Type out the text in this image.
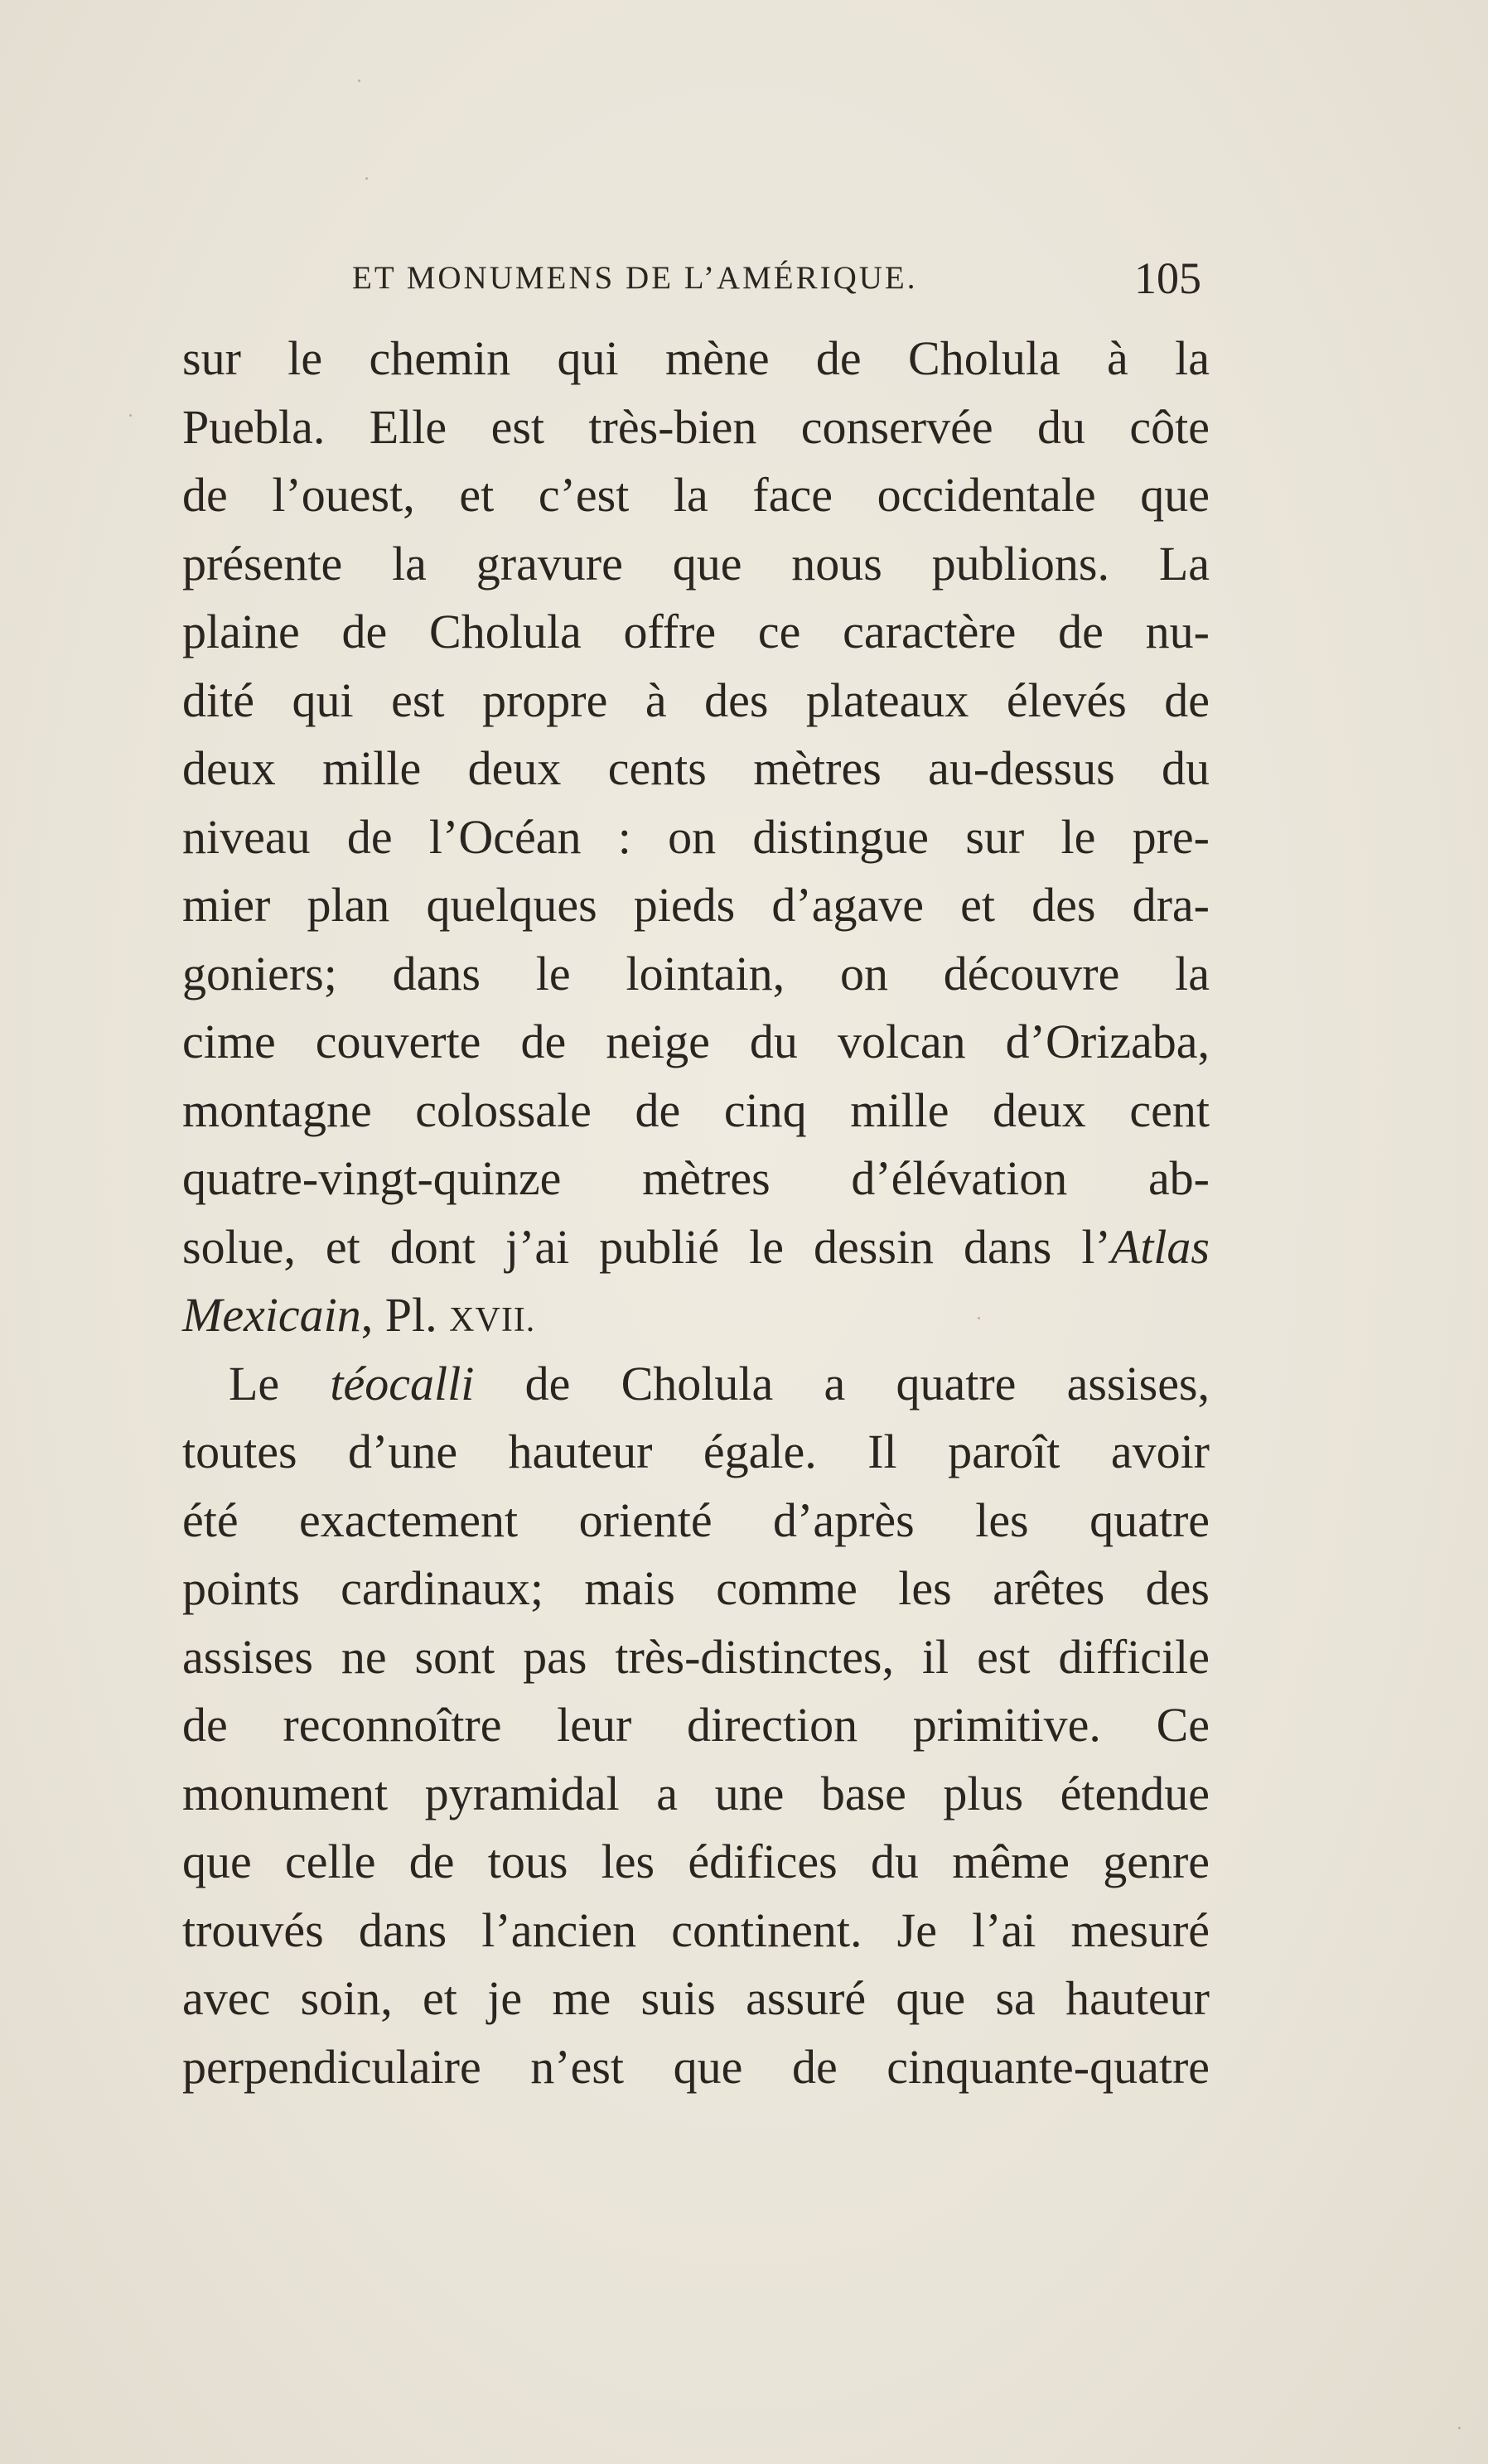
ET MONUMENS DE L’AMÉRIQUE.	105
sur le chemin qui mène de Cholula à la
Puebla. Elle est très-bien conservée du côte
de l’ouest, et c’est la face occidentale que
présente la gravure que nous publions. La
plaine de Cholula offre ce caractère de nu-
dité qui est propre à des plateaux élevés de
deux mille deux cents mètres au-dessus du
niveau de l’Océan : on distingue sur le pre-
mier plan quelques pieds d’agave et des dra-
goniers; dans le lointain, on découvre la
cime couverte de neige du volcan d’Orizaba,
montagne colossale de cinq mille deux cent
quatre-vingt-quinze mètres d’élévation ab-
solue, et dont j’ai publié le dessin dans l’Atlas
Mexicain, Pl. XVII.
Le téocalli de Cholula a quatre assises,
toutes d’une hauteur égale. Il paroît avoir
été exactement orienté d’après les quatre
points cardinaux; mais comme les arêtes des
assises ne sont pas très-distinctes, il est difficile
de reconnoître leur direction primitive. Ce
monument pyramidal a une base plus étendue
que celle de tous les édifices du même genre
trouvés dans l’ancien continent. Je l’ai mesuré
avec soin, et je me suis assuré que sa hauteur
perpendiculaire n’est que de cinquante-quatre
